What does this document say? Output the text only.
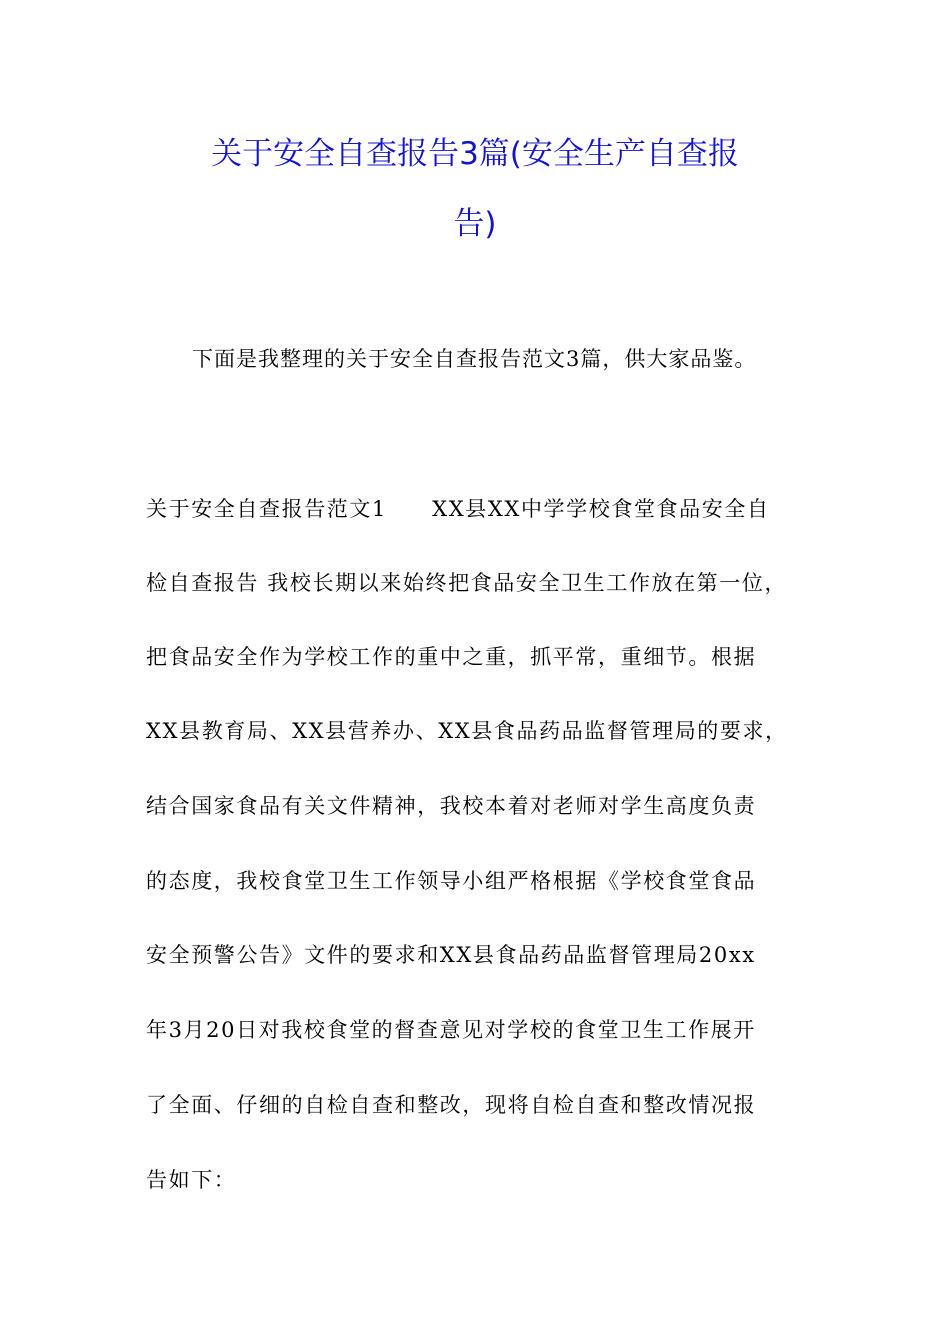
关于安全自查报告3篇(安全生产自查报
告)
下面是我整理的关于安全自查报告范文3篇，供大家品鉴。
关于安全自查报告范文1　　XX县XX中学学校食堂食品安全自
检自查报告 我校长期以来始终把食品安全卫生工作放在第一位，
把食品安全作为学校工作的重中之重，抓平常，重细节。根据
XX县教育局、XX县营养办、XX县食品药品监督管理局的要求，
结合国家食品有关文件精神，我校本着对老师对学生高度负责
的态度，我校食堂卫生工作领导小组严格根据《学校食堂食品
安全预警公告》文件的要求和XX县食品药品监督管理局20xx
年3月20日对我校食堂的督查意见对学校的食堂卫生工作展开
了全面、仔细的自检自查和整改，现将自检自查和整改情况报
告如下：
